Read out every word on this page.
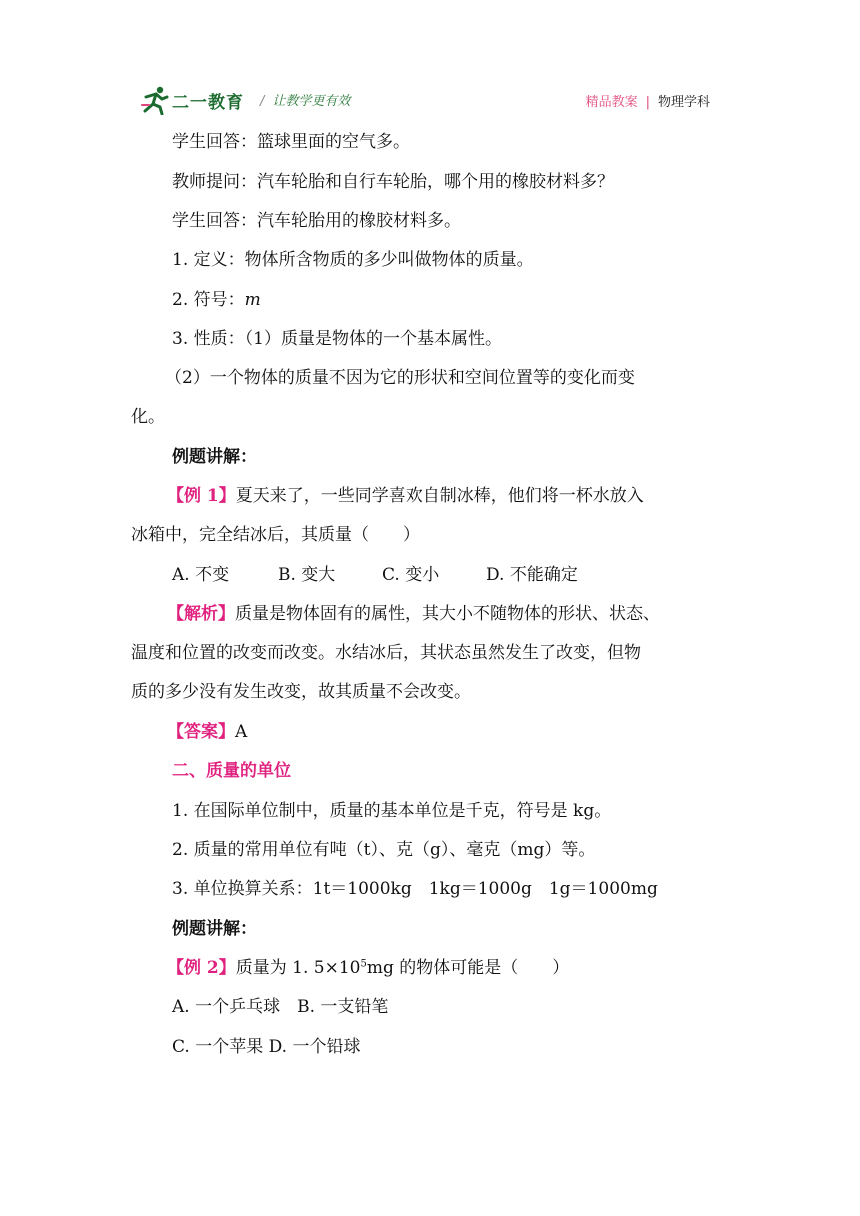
二一教育 / 让教学更有效	精品教案 | 物理学科
学生回答：篮球里面的空气多。
教师提问：汽车轮胎和自行车轮胎，哪个用的橡胶材料多？
学生回答：汽车轮胎用的橡胶材料多。
1. 定义：物体所含物质的多少叫做物体的质量。
2. 符号：m
3. 性质：（1）质量是物体的一个基本属性。
（2）一个物体的质量不因为它的形状和空间位置等的变化而变
化。
例题讲解：
【例 1】夏天来了，一些同学喜欢自制冰棒，他们将一杯水放入
冰箱中，完全结冰后，其质量（　　）
A. 不变	B. 变大	C. 变小	D. 不能确定
【解析】质量是物体固有的属性，其大小不随物体的形状、状态、
温度和位置的改变而改变。水结冰后，其状态虽然发生了改变，但物
质的多少没有发生改变，故其质量不会改变。
【答案】A
二、质量的单位
1. 在国际单位制中，质量的基本单位是千克，符号是 kg。
2. 质量的常用单位有吨（t）、克（g）、毫克（mg）等。
3. 单位换算关系：1t＝1000kg　1kg＝1000g　1g＝1000mg
例题讲解：
【例 2】质量为 1. $5\times 10^5mg$ 的物体可能是（　　）
A. 一个乒乓球　B. 一支铅笔
C. 一个苹果 D. 一个铅球
